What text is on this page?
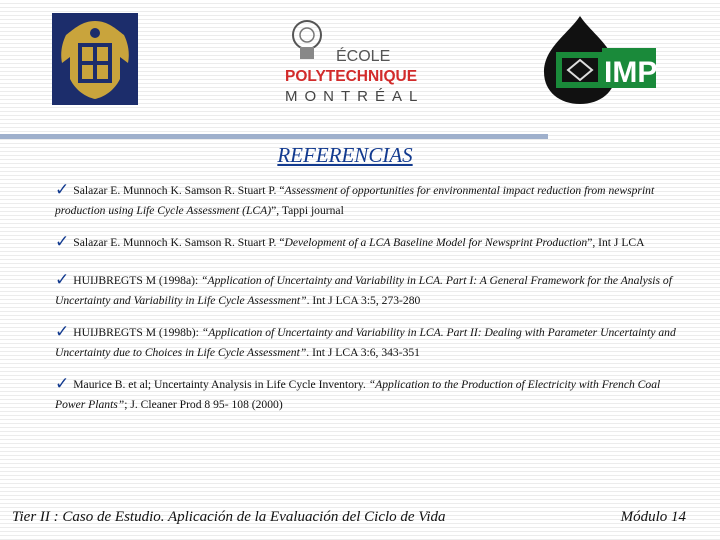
ÉCOLE
POLYTECHNIQUE
MONTRÉAL
IMP
REFERENCIAS

✓ Salazar E. Munnoch K. Samson R. Stuart P. “Assessment of opportunities for environmental impact reduction from newsprint production using Life Cycle Assessment (LCA)”, Tappi journal

✓ Salazar E. Munnoch K. Samson R. Stuart P. “Development of a LCA Baseline Model for Newsprint Production”, Int J LCA

✓ HUIJBREGTS M (1998a): “Application of Uncertainty and Variability in LCA. Part I: A General Framework for the Analysis of Uncertainty and Variability in Life Cycle Assessment”. Int J LCA 3:5, 273-280

✓ HUIJBREGTS M (1998b): “Application of Uncertainty and Variability in LCA. Part II: Dealing with Parameter Uncertainty and Uncertainty due to Choices in Life Cycle Assessment”. Int J LCA 3:6, 343-351

✓ Maurice B. et al; Uncertainty Analysis in Life Cycle Inventory. “Application to the Production of Electricity with French Coal Power Plants”; J. Cleaner Prod 8 95- 108 (2000)

Tier II : Caso de Estudio. Aplicación de la Evaluación del Ciclo de Vida	Módulo 14
